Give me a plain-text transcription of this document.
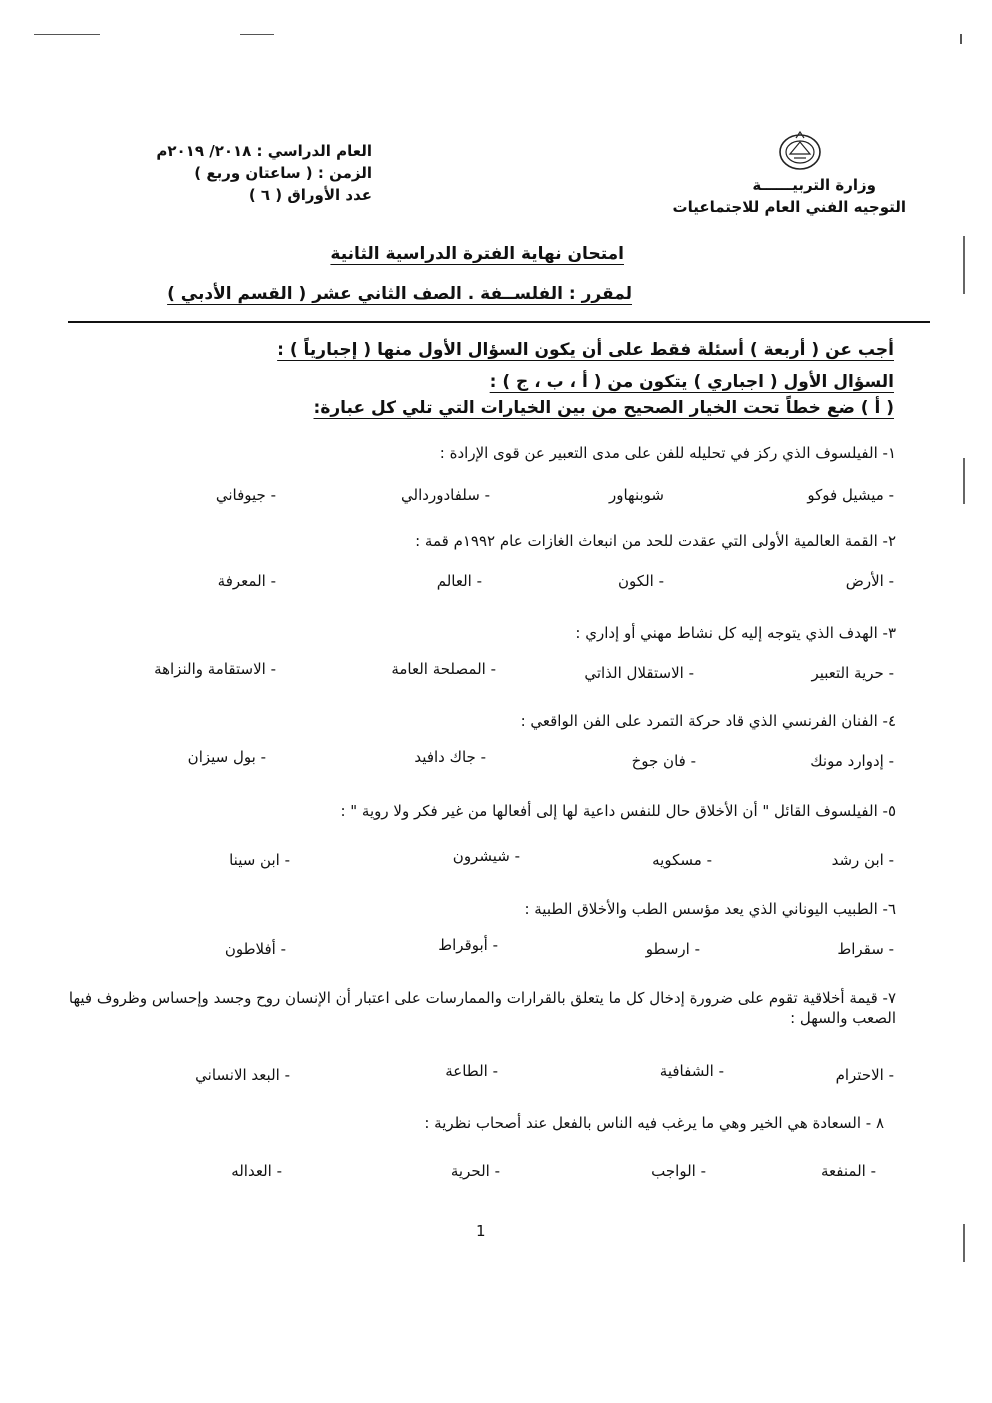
وزارة التربيــــــة
التوجيه الفني العام للاجتماعيات
العام الدراسي : ٢٠١٨/ ٢٠١٩م
الزمن : ( ساعتان وربع )
عدد الأوراق ( ٦ )
امتحان نهاية الفترة الدراسية الثانية
لمقرر : الفلســفة . الصف الثاني عشر ( القسم الأدبي )
أجب عن ( أربعة ) أسئلة فقط على أن يكون السؤال الأول منها ( إجبارياً ) :
السؤال الأول ( اجباري ) يتكون من ( أ ، ب ، ج ) :
( أ ) ضع خطاً تحت الخيار الصحيح من بين الخيارات التي تلي كل عبارة:
١- الفيلسوف الذي ركز في تحليله للفن على مدى التعبير عن قوى الإرادة :
- ميشيل فوكو
شوبنهاور
- سلفادوردالي
- جيوفاني
٢- القمة العالمية الأولى التي عقدت للحد من انبعاث الغازات عام ١٩٩٢م قمة :
- الأرض
- الكون
- العالم
- المعرفة
٣- الهدف الذي يتوجه إليه كل نشاط مهني أو إداري :
- حرية التعبير
- الاستقلال الذاتي
- المصلحة العامة
- الاستقامة والنزاهة
٤- الفنان الفرنسي الذي قاد حركة التمرد على الفن الواقعي :
- إدوارد مونك
- فان جوخ
- جاك دافيد
- بول سيزان
٥- الفيلسوف القائل " أن الأخلاق حال للنفس داعية لها إلى أفعالها من غير فكر ولا روية " :
- ابن رشد
- مسكويه
- شيشرون
- ابن سينا
٦- الطبيب اليوناني الذي يعد مؤسس الطب والأخلاق الطبية :
- سقراط
- ارسطو
- أبوقراط
- أفلاطون
٧- قيمة أخلاقية تقوم على ضرورة إدخال كل ما يتعلق بالقرارات والممارسات على اعتبار أن الإنسان روح وجسد وإحساس وظروف فيها الصعب والسهل :
- الاحترام
- الشفافية
- الطاعة
- البعد الانساني
٨ - السعادة هي الخير وهي ما يرغب فيه الناس بالفعل عند أصحاب نظرية :
- المنفعة
- الواجب
- الحرية
- العداله
1
